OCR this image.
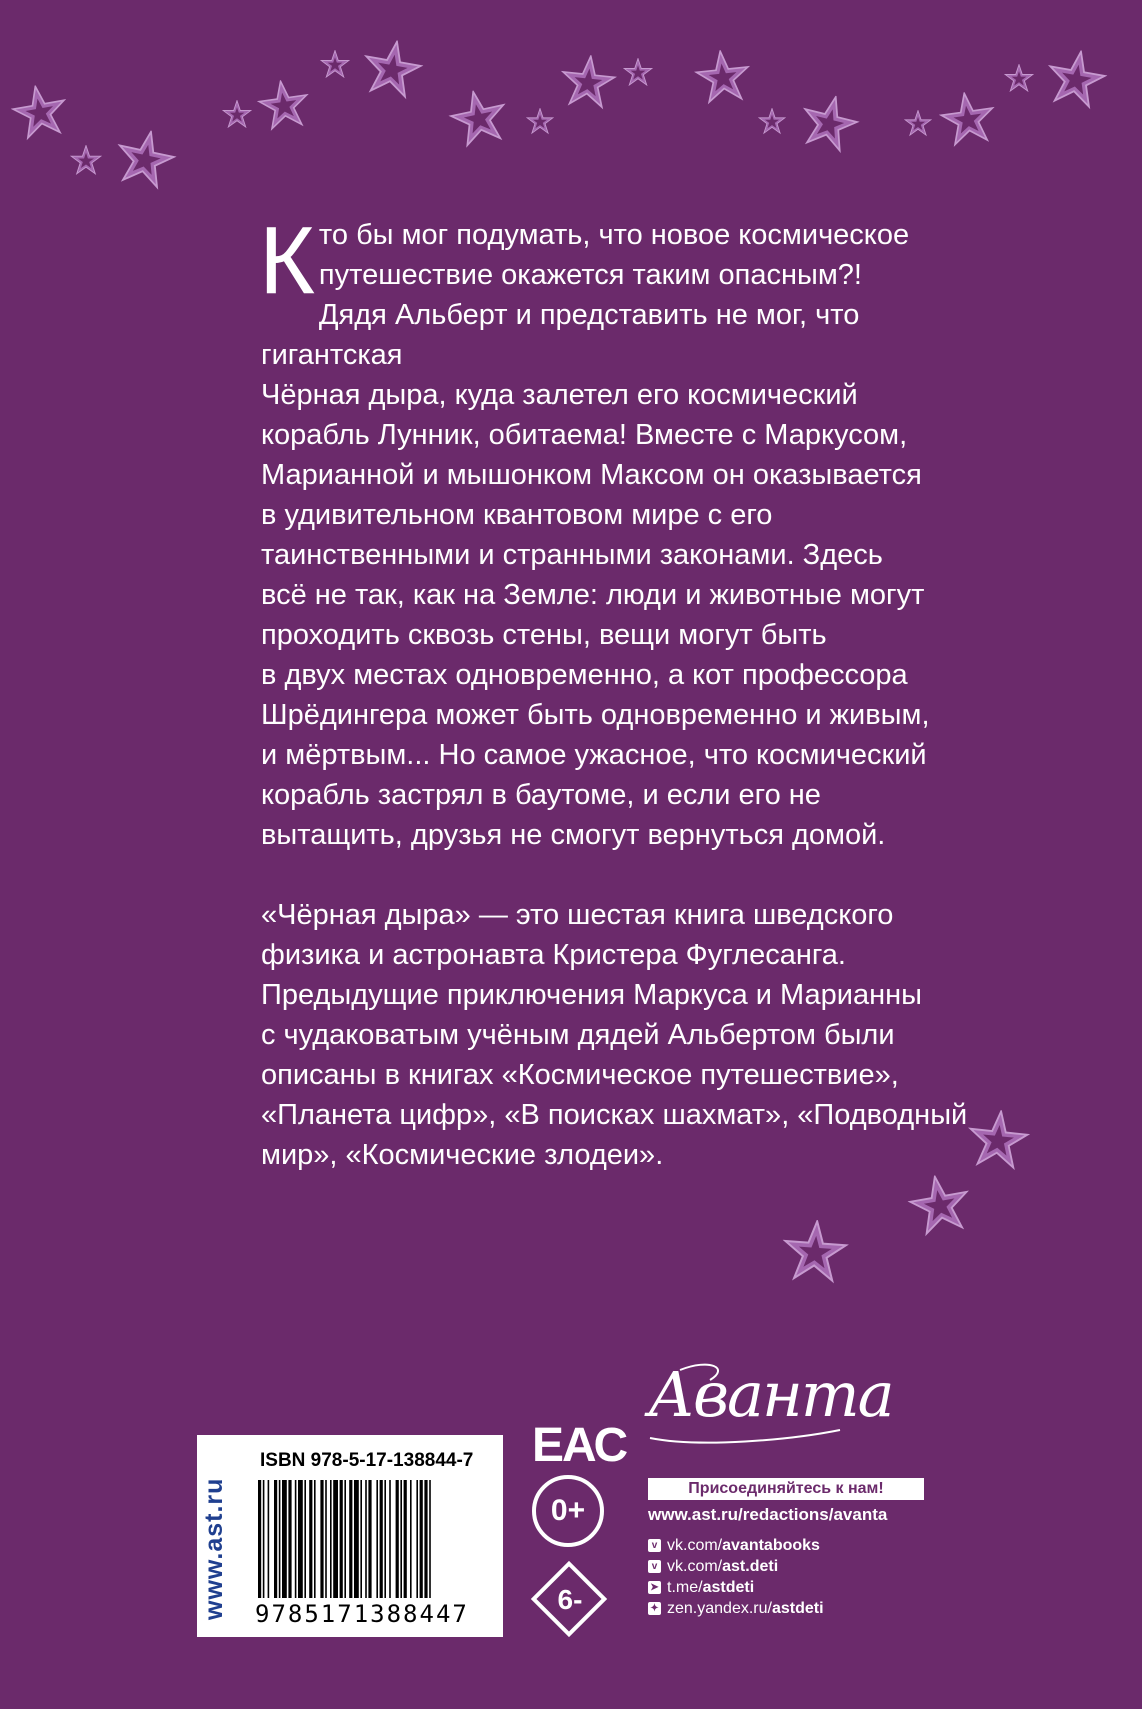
Кто бы мог подумать, что новое космическое
путешествие окажется таким опасным?!
Дядя Альберт и представить не мог, что гигантская
Чёрная дыра, куда залетел его космический
корабль Лунник, обитаема! Вместе с Маркусом,
Марианной и мышонком Максом он оказывается
в удивительном квантовом мире с его
таинственными и странными законами. Здесь
всё не так, как на Земле: люди и животные могут
проходить сквозь стены, вещи могут быть
в двух местах одновременно, а кот профессора
Шрёдингера может быть одновременно и живым,
и мёртвым... Но самое ужасное, что космический
корабль застрял в баутоме, и если его не
вытащить, друзья не смогут вернуться домой.

«Чёрная дыра» — это шестая книга шведского
физика и астронавта Кристера Фуглесанга.
Предыдущие приключения Маркуса и Марианны
с чудаковатым учёным дядей Альбертом были
описаны в книгах «Космическое путешествие»,
«Планета цифр», «В поисках шахмат», «Подводный
мир», «Космические злодеи».

www.ast.ru
ISBN 978-5-17-138844-7
9785171388447
ЕАС
0+
6-
Аванта
Присоединяйтесь к нам!
www.ast.ru/redactions/avanta
v vk.com/ avantabooks
v vk.com/ ast.deti
➤ t.me/ astdeti
✦ zen.yandex.ru/ astdeti
